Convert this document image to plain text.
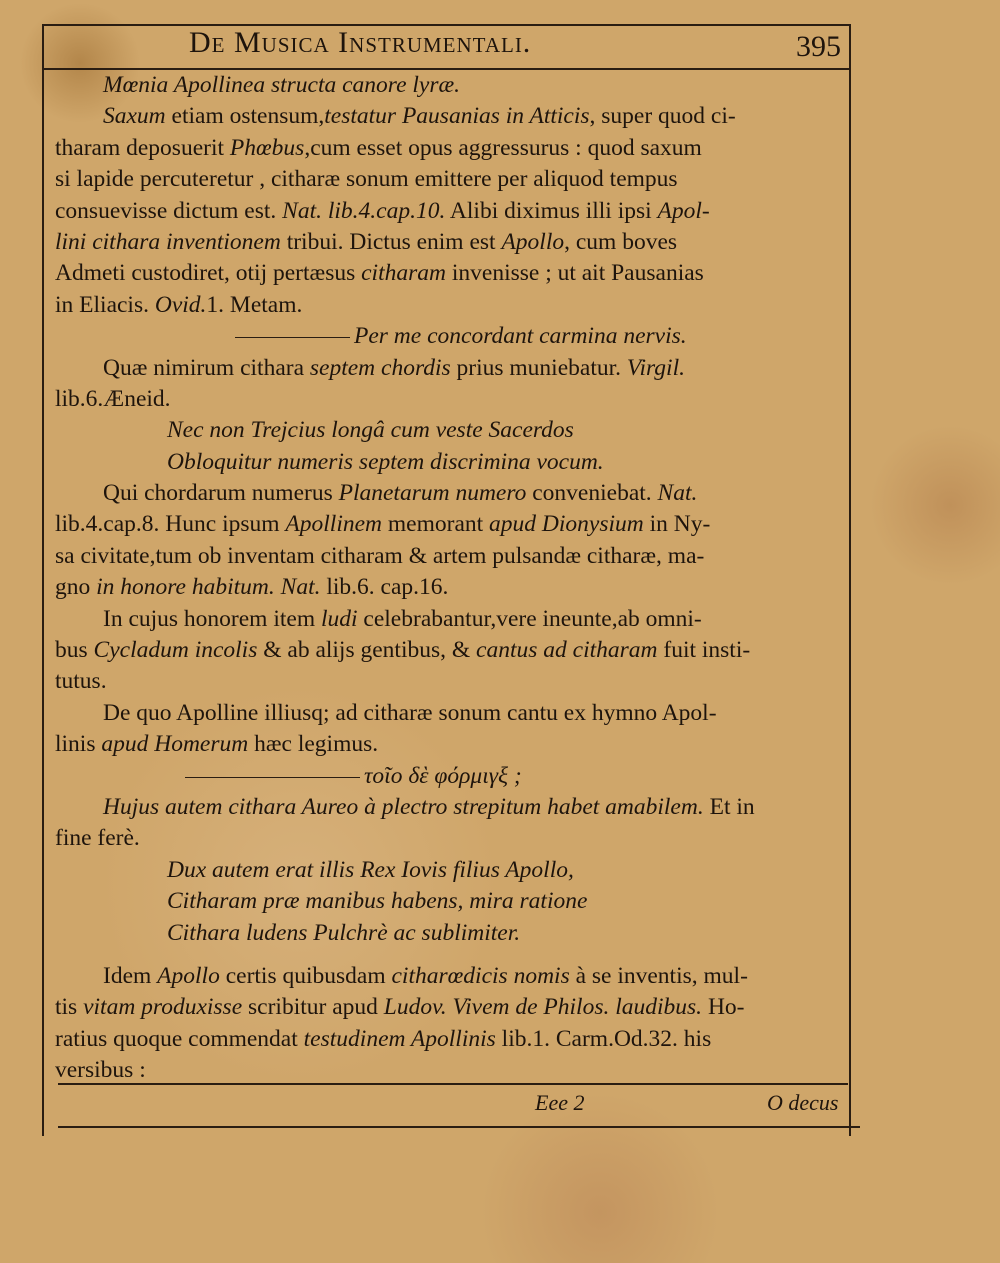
De Musica Instrumentali.	395
Mœnia Apollinea structa canore lyræ.
Saxum etiam ostensum,testatur Pausanias in Atticis, super quod ci-
tharam deposuerit Phœbus,cum esset opus aggressurus : quod saxum
si lapide percuteretur , citharæ sonum emittere per aliquod tempus
consuevisse dictum est. Nat. lib.4.cap.10. Alibi diximus illi ipsi Apol-
lini cithara inventionem tribui. Dictus enim est Apollo, cum boves
Admeti custodiret, otij pertæsus citharam invenisse ; ut ait Pausanias
in Eliacis. Ovid.1. Metam.
Per me concordant carmina nervis.
Quæ nimirum cithara septem chordis prius muniebatur. Virgil.
lib.6.Æneid.
Nec non Trejcius longâ cum veste Sacerdos
Obloquitur numeris septem discrimina vocum.
Qui chordarum numerus Planetarum numero conveniebat. Nat.
lib.4.cap.8. Hunc ipsum Apollinem memorant apud Dionysium in Ny-
sa civitate,tum ob inventam citharam & artem pulsandæ citharæ, ma-
gno in honore habitum. Nat. lib.6. cap.16.
In cujus honorem item ludi celebrabantur,vere ineunte,ab omni-
bus Cycladum incolis & ab alijs gentibus, & cantus ad citharam fuit insti-
tutus.
De quo Apolline illiusq; ad citharæ sonum cantu ex hymno Apol-
linis apud Homerum hæc legimus.
τοῖο δὲ φόρμιγξ ;
Hujus autem cithara Aureo à plectro strepitum habet amabilem. Et in
fine ferè.
Dux autem erat illis Rex Iovis filius Apollo,
Citharam præ manibus habens, mira ratione
Cithara ludens Pulchrè ac sublimiter.
Idem Apollo certis quibusdam citharœdicis nomis à se inventis, mul-
tis vitam produxisse scribitur apud Ludov. Vivem de Philos. laudibus. Ho-
ratius quoque commendat testudinem Apollinis lib.1. Carm.Od.32. his
versibus :
Eee 2	O decus
